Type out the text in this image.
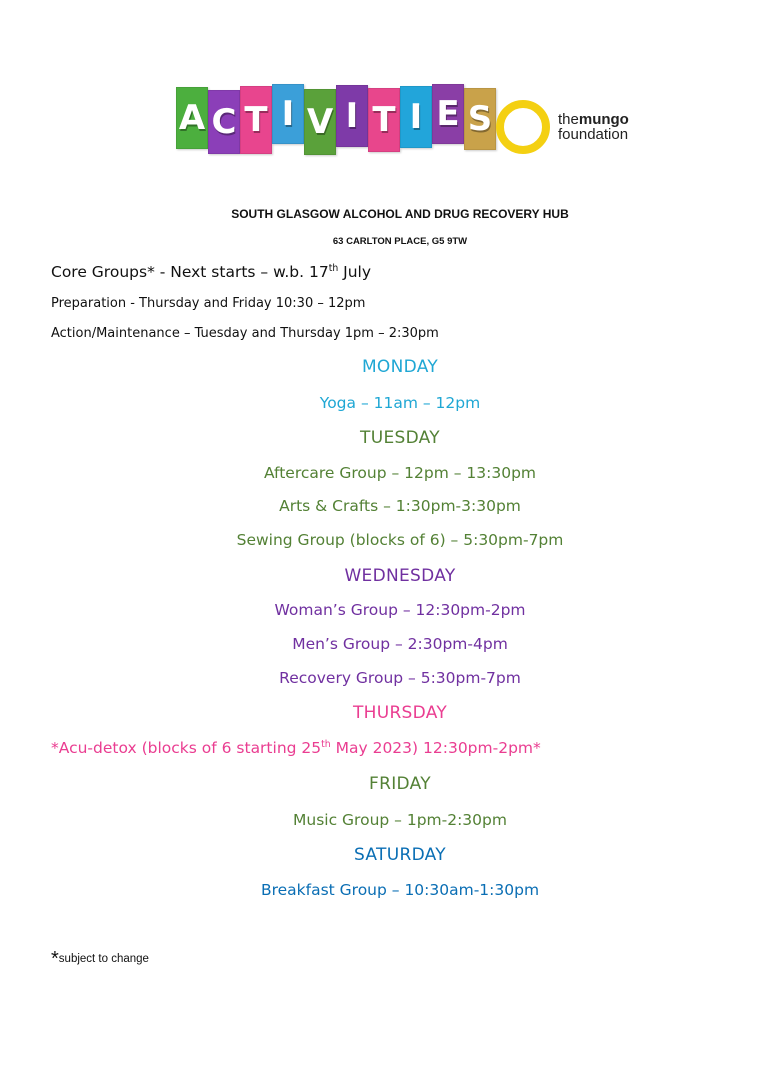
A C T I V I T I E S	themungo
foundation
SOUTH GLASGOW ALCOHOL AND DRUG RECOVERY HUB
63 CARLTON PLACE, G5 9TW
Core Groups* - Next starts – w.b. 17th July
Preparation - Thursday and Friday 10:30 – 12pm
Action/Maintenance – Tuesday and Thursday 1pm – 2:30pm
MONDAY
Yoga – 11am – 12pm
TUESDAY
Aftercare Group – 12pm – 13:30pm
Arts & Crafts – 1:30pm-3:30pm
Sewing Group (blocks of 6) – 5:30pm-7pm
WEDNESDAY
Woman’s Group – 12:30pm-2pm
Men’s Group – 2:30pm-4pm
Recovery Group – 5:30pm-7pm
THURSDAY
*Acu-detox (blocks of 6 starting 25th May 2023) 12:30pm-2pm*
FRIDAY
Music Group – 1pm-2:30pm
SATURDAY
Breakfast Group – 10:30am-1:30pm
*subject to change
